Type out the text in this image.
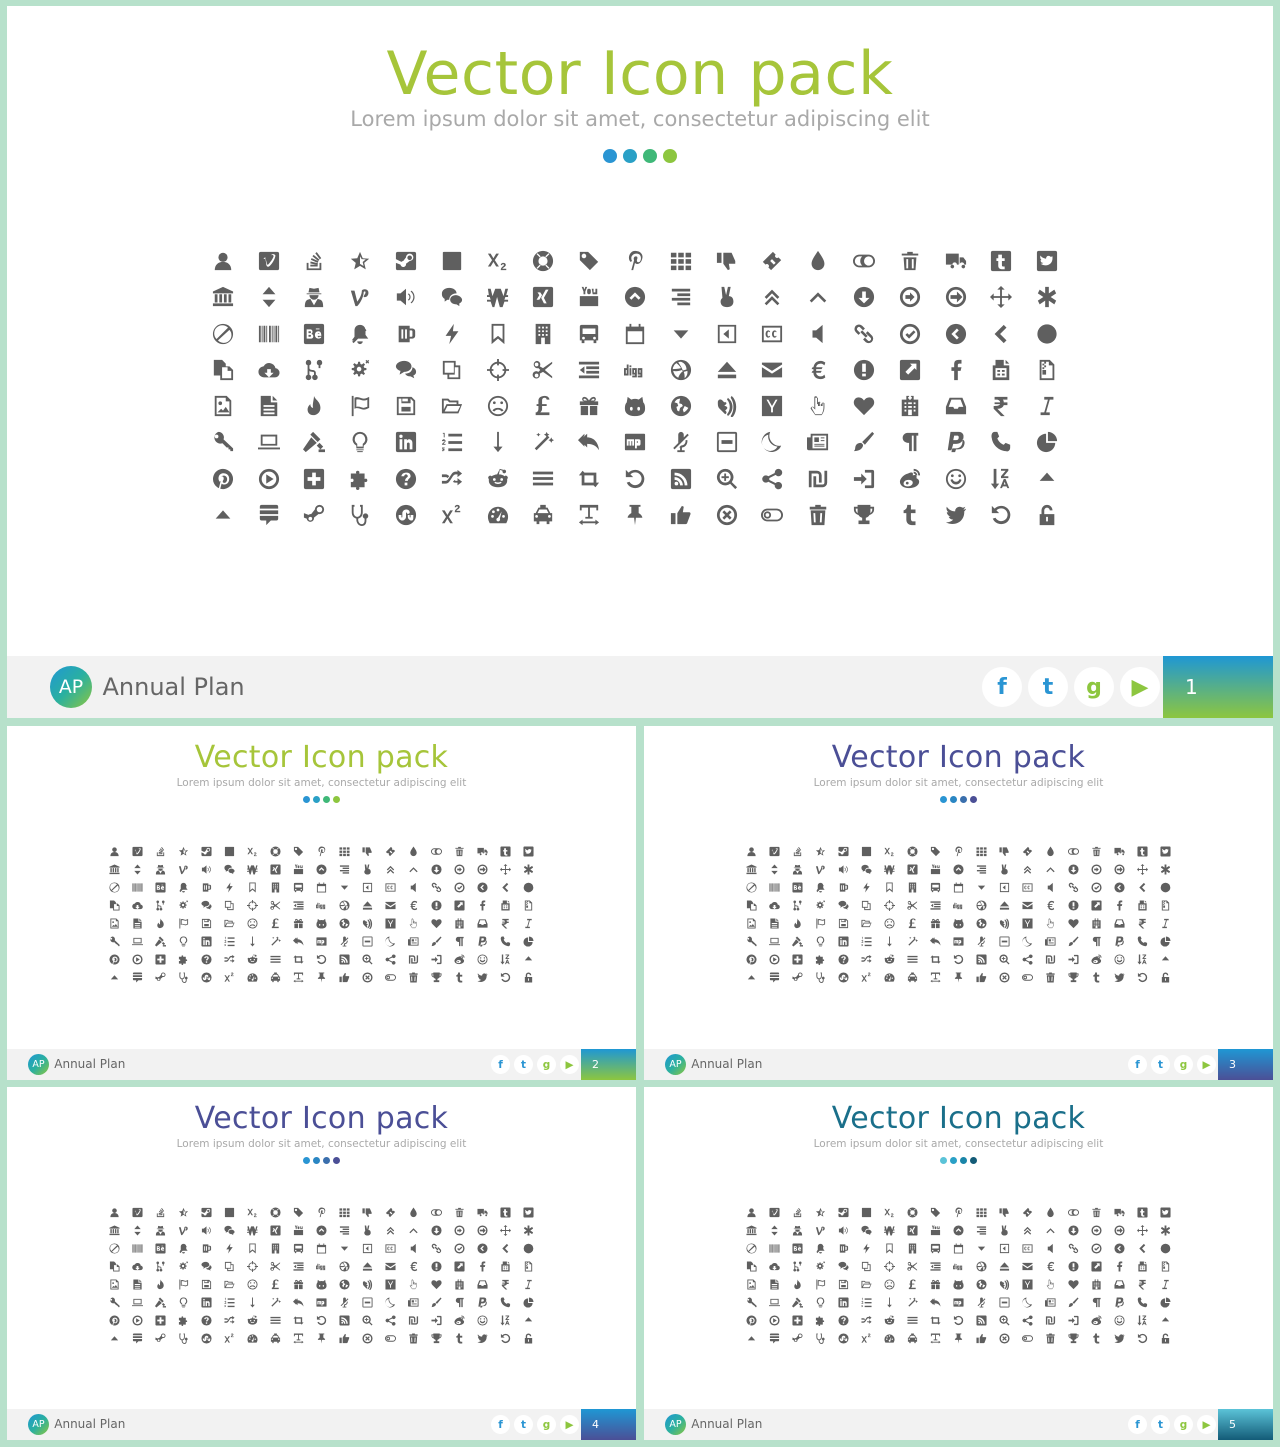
Vector Icon pack
Lorem ipsum dolor sit amet, consectetur adipiscing elit
AP Annual Plan	f	t	g	▶	1
Vector Icon pack
Lorem ipsum dolor sit amet, consectetur adipiscing elit
AP Annual Plan	f	t	g	▶	2
Vector Icon pack
Lorem ipsum dolor sit amet, consectetur adipiscing elit
AP Annual Plan	f	t	g	▶	3
Vector Icon pack
Lorem ipsum dolor sit amet, consectetur adipiscing elit
AP Annual Plan	f	t	g	▶	4
Vector Icon pack
Lorem ipsum dolor sit amet, consectetur adipiscing elit
AP Annual Plan	f	t	g	▶	5
